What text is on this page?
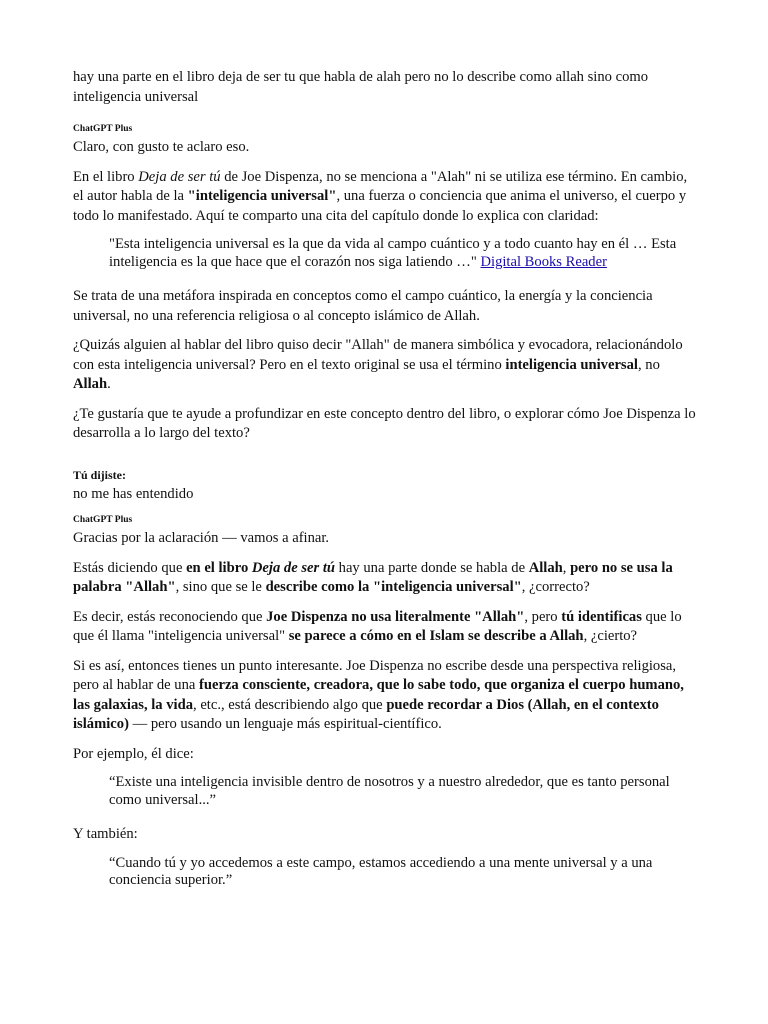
hay una parte en el libro deja de ser tu que habla de alah pero no lo describe como allah sino como inteligencia universal

ChatGPT Plus

Claro, con gusto te aclaro eso.

En el libro Deja de ser tú de Joe Dispenza, no se menciona a "Alah" ni se utiliza ese término. En cambio, el autor habla de la "inteligencia universal", una fuerza o conciencia que anima el universo, el cuerpo y todo lo manifestado. Aquí te comparto una cita del capítulo donde lo explica con claridad:

"Esta inteligencia universal es la que da vida al campo cuántico y a todo cuanto hay en él … Esta inteligencia es la que hace que el corazón nos siga latiendo …" Digital Books Reader

Se trata de una metáfora inspirada en conceptos como el campo cuántico, la energía y la conciencia universal, no una referencia religiosa o al concepto islámico de Allah.

¿Quizás alguien al hablar del libro quiso decir "Allah" de manera simbólica y evocadora, relacionándolo con esta inteligencia universal? Pero en el texto original se usa el término inteligencia universal, no Allah.

¿Te gustaría que te ayude a profundizar en este concepto dentro del libro, o explorar cómo Joe Dispenza lo desarrolla a lo largo del texto?

Tú dijiste:

no me has entendido

ChatGPT Plus

Gracias por la aclaración — vamos a afinar.

Estás diciendo que en el libro Deja de ser tú hay una parte donde se habla de Allah, pero no se usa la palabra "Allah", sino que se le describe como la "inteligencia universal", ¿correcto?

Es decir, estás reconociendo que Joe Dispenza no usa literalmente "Allah", pero tú identificas que lo que él llama "inteligencia universal" se parece a cómo en el Islam se describe a Allah, ¿cierto?

Si es así, entonces tienes un punto interesante. Joe Dispenza no escribe desde una perspectiva religiosa, pero al hablar de una fuerza consciente, creadora, que lo sabe todo, que organiza el cuerpo humano, las galaxias, la vida, etc., está describiendo algo que puede recordar a Dios (Allah, en el contexto islámico) — pero usando un lenguaje más espiritual-científico.

Por ejemplo, él dice:

“Existe una inteligencia invisible dentro de nosotros y a nuestro alrededor, que es tanto personal como universal...”

Y también:

“Cuando tú y yo accedemos a este campo, estamos accediendo a una mente universal y a una conciencia superior.”
